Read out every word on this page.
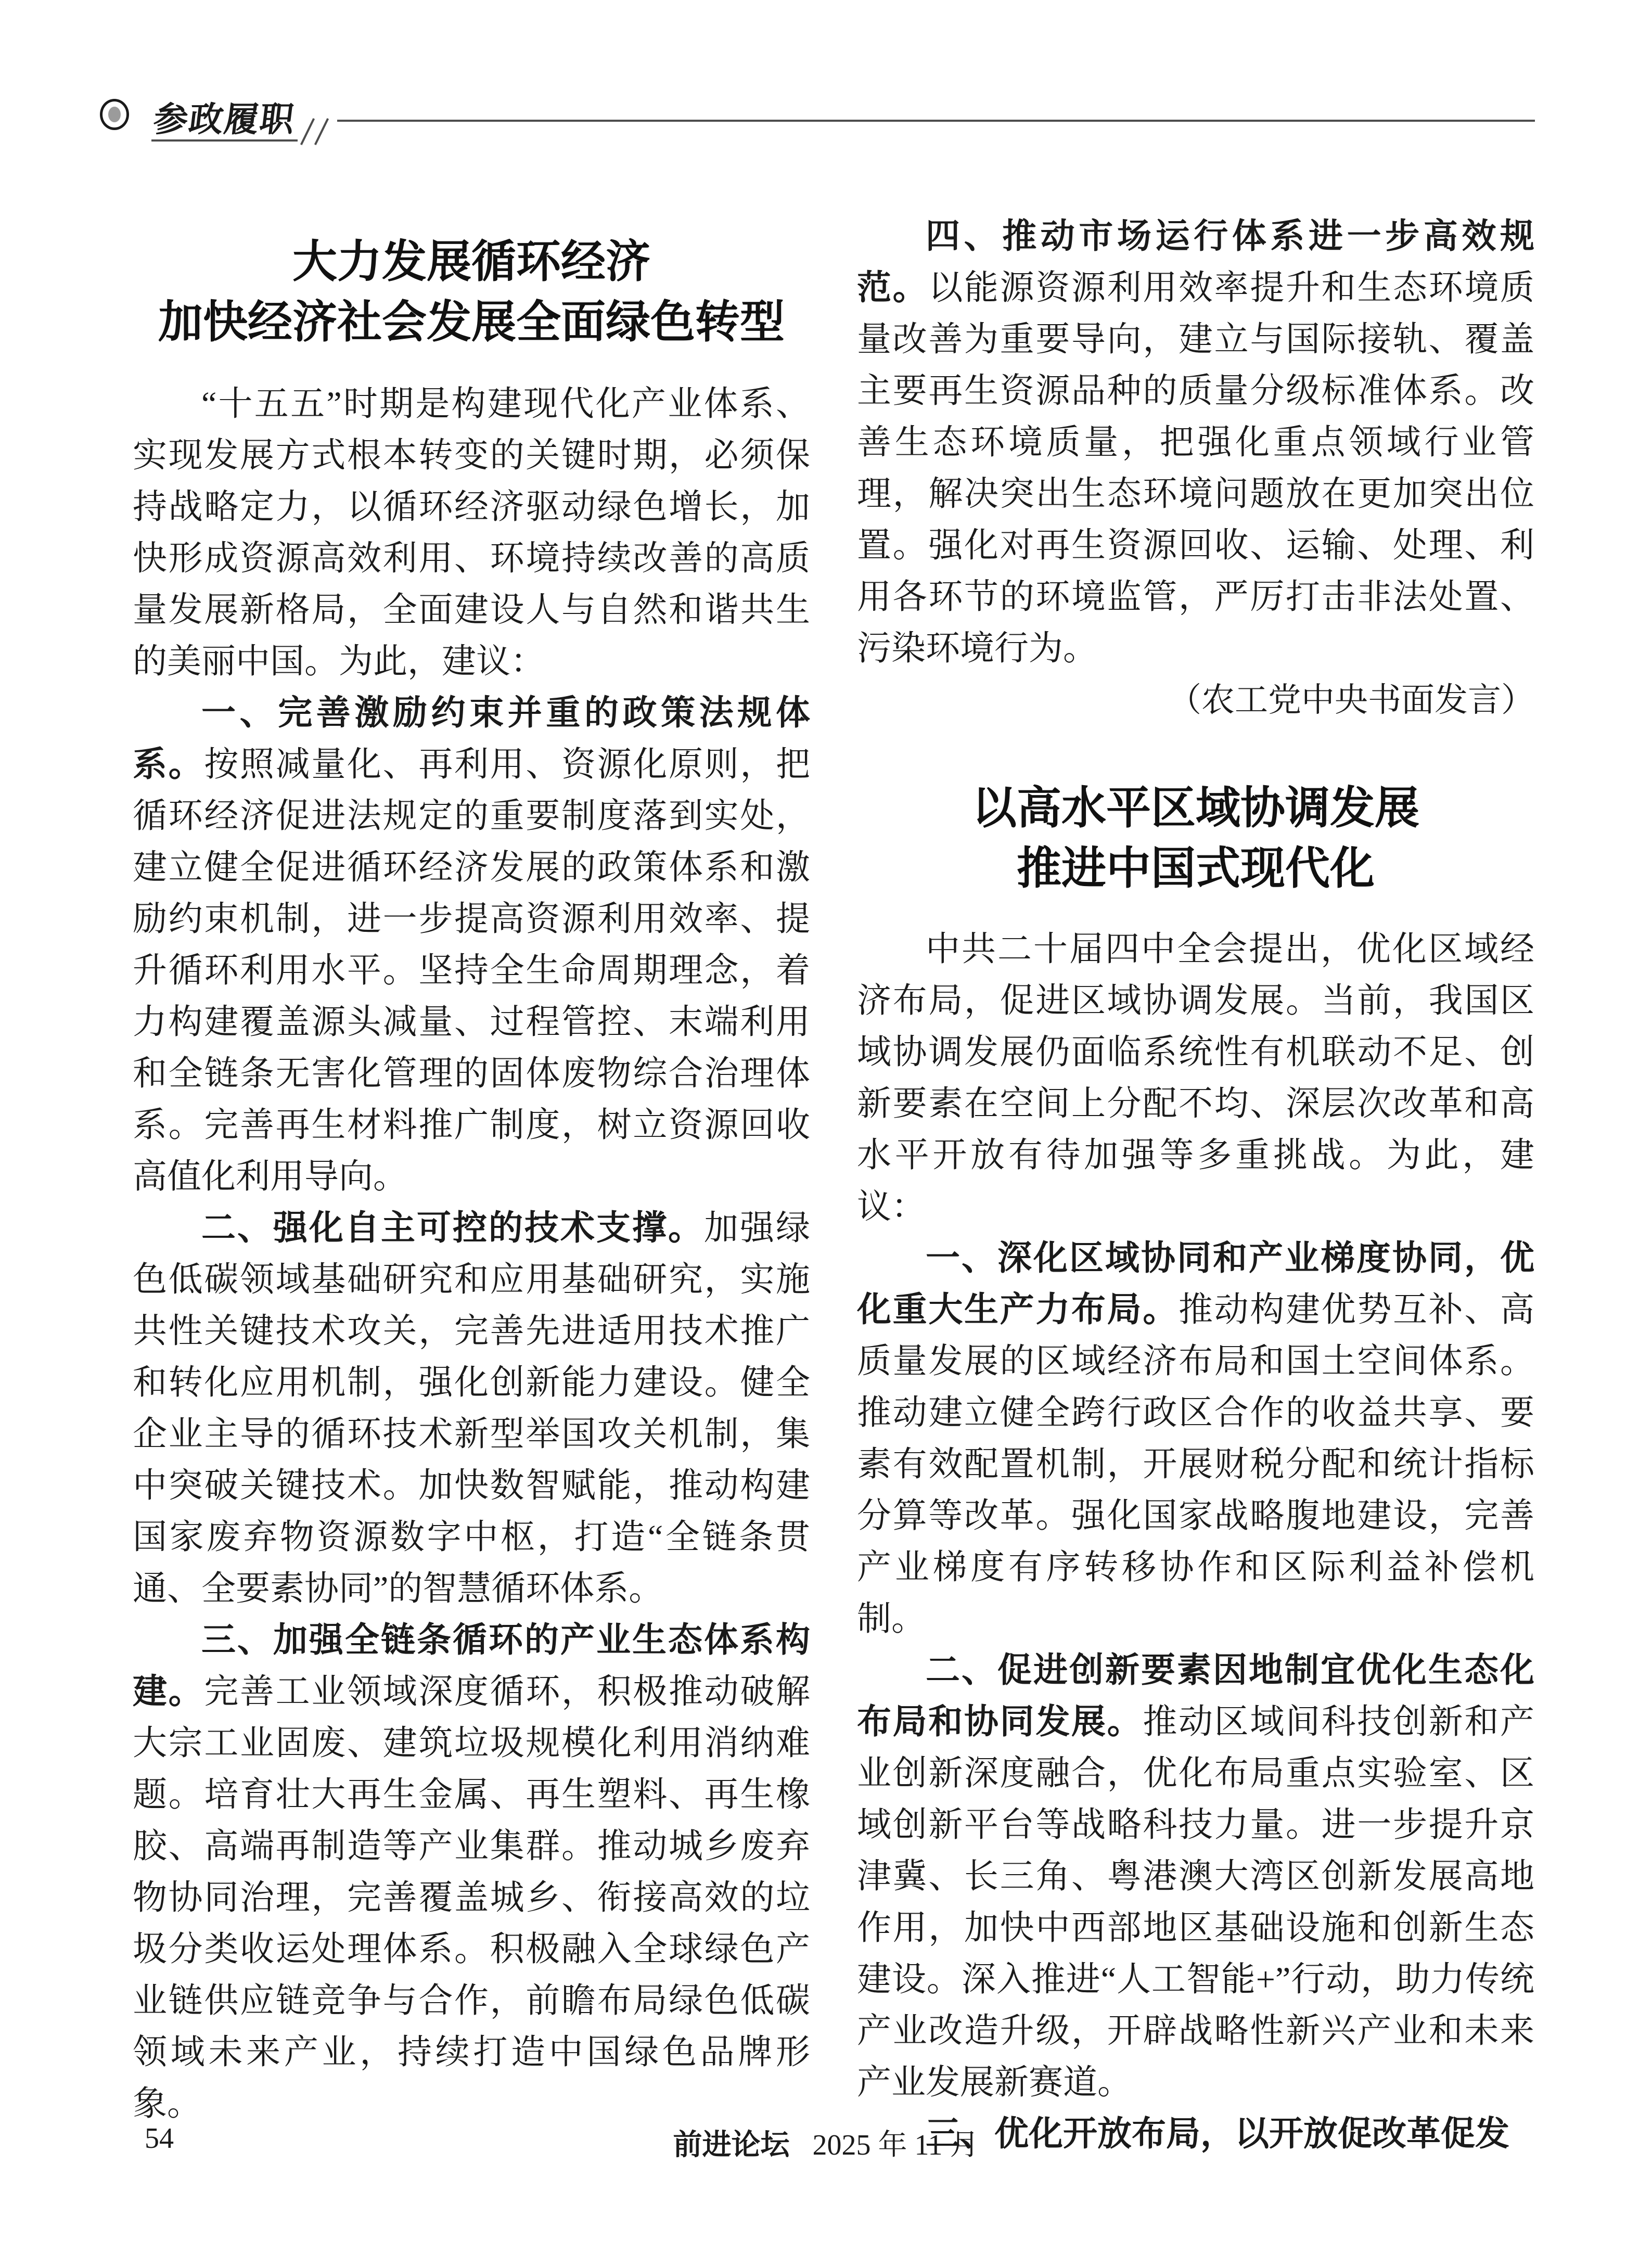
参政履职
大力发展循环经济
加快经济社会发展全面绿色转型

“十五五”时期是构建现代化产业体系、实现发展方式根本转变的关键时期，必须保持战略定力，以循环经济驱动绿色增长，加快形成资源高效利用、环境持续改善的高质量发展新格局，全面建设人与自然和谐共生的美丽中国。为此，建议：

一、完善激励约束并重的政策法规体系。按照减量化、再利用、资源化原则，把循环经济促进法规定的重要制度落到实处，建立健全促进循环经济发展的政策体系和激励约束机制，进一步提高资源利用效率、提升循环利用水平。坚持全生命周期理念，着力构建覆盖源头减量、过程管控、末端利用和全链条无害化管理的固体废物综合治理体系。完善再生材料推广制度，树立资源回收高值化利用导向。

二、强化自主可控的技术支撑。加强绿色低碳领域基础研究和应用基础研究，实施共性关键技术攻关，完善先进适用技术推广和转化应用机制，强化创新能力建设。健全企业主导的循环技术新型举国攻关机制，集中突破关键技术。加快数智赋能，推动构建国家废弃物资源数字中枢，打造“全链条贯通、全要素协同”的智慧循环体系。

三、加强全链条循环的产业生态体系构建。完善工业领域深度循环，积极推动破解大宗工业固废、建筑垃圾规模化利用消纳难题。培育壮大再生金属、再生塑料、再生橡胶、高端再制造等产业集群。推动城乡废弃物协同治理，完善覆盖城乡、衔接高效的垃圾分类收运处理体系。积极融入全球绿色产业链供应链竞争与合作，前瞻布局绿色低碳领域未来产业，持续打造中国绿色品牌形象。

四、推动市场运行体系进一步高效规范。以能源资源利用效率提升和生态环境质量改善为重要导向，建立与国际接轨、覆盖主要再生资源品种的质量分级标准体系。改善生态环境质量，把强化重点领域行业管理，解决突出生态环境问题放在更加突出位置。强化对再生资源回收、运输、处理、利用各环节的环境监管，严厉打击非法处置、污染环境行为。

（农工党中央书面发言）

以高水平区域协调发展
推进中国式现代化

中共二十届四中全会提出，优化区域经济布局，促进区域协调发展。当前，我国区域协调发展仍面临系统性有机联动不足、创新要素在空间上分配不均、深层次改革和高水平开放有待加强等多重挑战。为此，建议：

一、深化区域协同和产业梯度协同，优化重大生产力布局。推动构建优势互补、高质量发展的区域经济布局和国土空间体系。推动建立健全跨行政区合作的收益共享、要素有效配置机制，开展财税分配和统计指标分算等改革。强化国家战略腹地建设，完善产业梯度有序转移协作和区际利益补偿机制。

二、促进创新要素因地制宜优化生态化布局和协同发展。推动区域间科技创新和产业创新深度融合，优化布局重点实验室、区域创新平台等战略科技力量。进一步提升京津冀、长三角、粤港澳大湾区创新发展高地作用，加快中西部地区基础设施和创新生态建设。深入推进“人工智能+”行动，助力传统产业改造升级，开辟战略性新兴产业和未来产业发展新赛道。

三、优化开放布局，以开放促改革促发

54	前进论坛 2025 年 11 月
